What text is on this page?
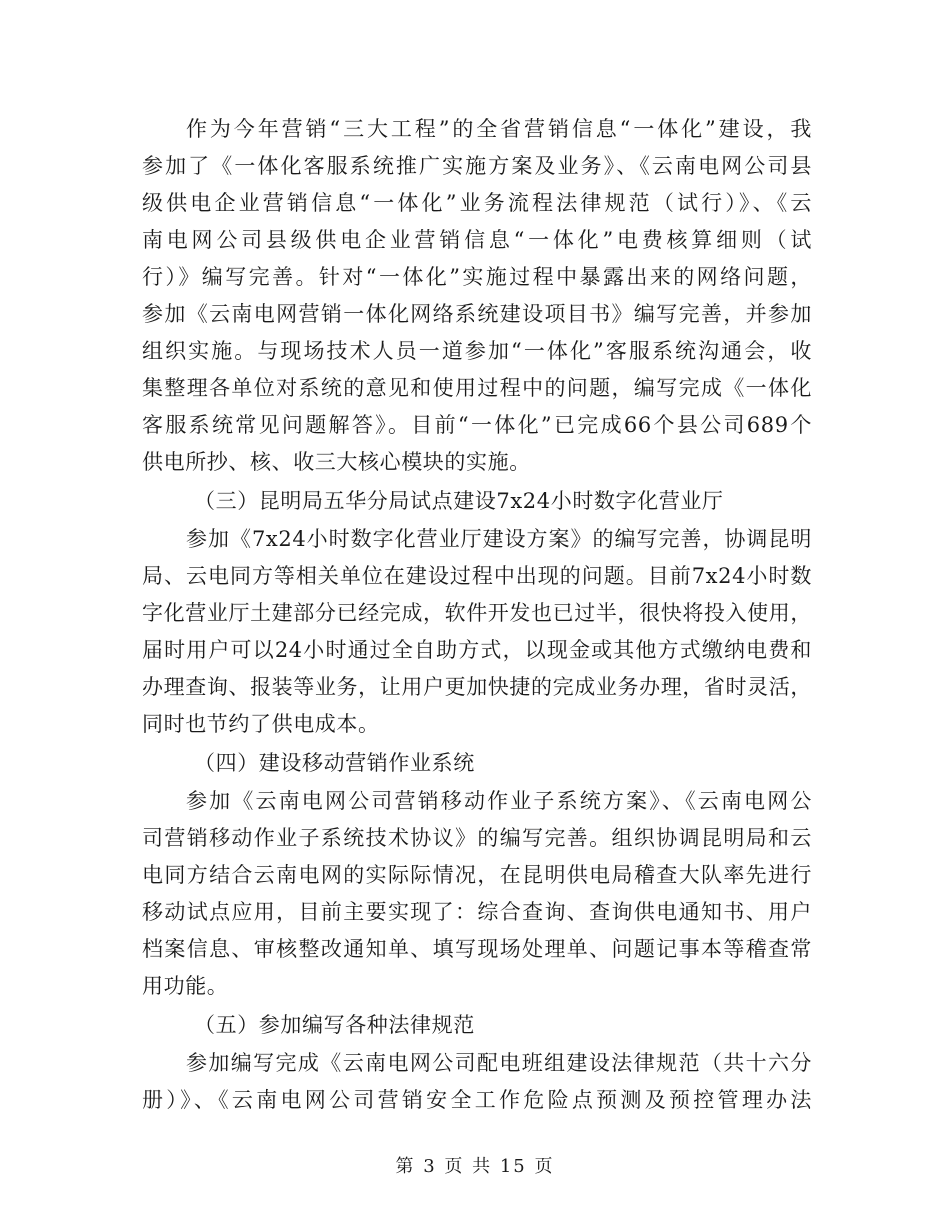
作为今年营销“三大工程”的全省营销信息“一体化”建设，我
参加了《一体化客服系统推广实施方案及业务》、《云南电网公司县
级供电企业营销信息“一体化”业务流程法律规范（试行）》、《云
南电网公司县级供电企业营销信息“一体化”电费核算细则（试
行）》编写完善。针对“一体化”实施过程中暴露出来的网络问题，
参加《云南电网营销一体化网络系统建设项目书》编写完善，并参加
组织实施。与现场技术人员一道参加“一体化”客服系统沟通会，收
集整理各单位对系统的意见和使用过程中的问题，编写完成《一体化
客服系统常见问题解答》。目前“一体化”已完成66个县公司689个
供电所抄、核、收三大核心模块的实施。
（三）昆明局五华分局试点建设7x24小时数字化营业厅
参加《7x24小时数字化营业厅建设方案》的编写完善，协调昆明
局、云电同方等相关单位在建设过程中出现的问题。目前7x24小时数
字化营业厅土建部分已经完成，软件开发也已过半，很快将投入使用，
届时用户可以24小时通过全自助方式，以现金或其他方式缴纳电费和
办理查询、报装等业务，让用户更加快捷的完成业务办理，省时灵活，
同时也节约了供电成本。
（四）建设移动营销作业系统
参加《云南电网公司营销移动作业子系统方案》、《云南电网公
司营销移动作业子系统技术协议》的编写完善。组织协调昆明局和云
电同方结合云南电网的实际际情况，在昆明供电局稽查大队率先进行
移动试点应用，目前主要实现了：综合查询、查询供电通知书、用户
档案信息、审核整改通知单、填写现场处理单、问题记事本等稽查常
用功能。
（五）参加编写各种法律规范
参加编写完成《云南电网公司配电班组建设法律规范（共十六分
册）》、《云南电网公司营销安全工作危险点预测及预控管理办法
第 3 页 共 15 页
